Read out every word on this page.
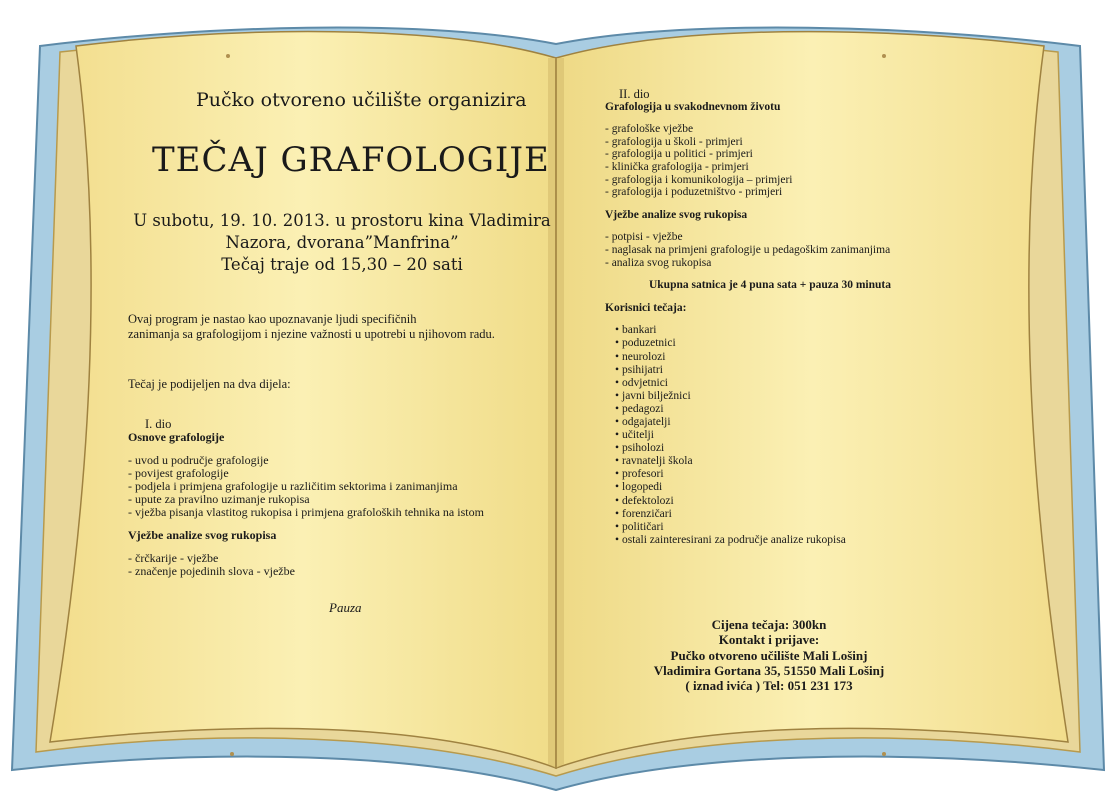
Pučko otvoreno učilište organizira
TEČAJ GRAFOLOGIJE
U subotu, 19. 10. 2013. u prostoru kina Vladimira
Nazora, dvorana”Manfrina”
Tečaj traje od 15,30 – 20 sati
Ovaj program je nastao kao upoznavanje ljudi specifičnih
zanimanja sa grafologijom i njezine važnosti u upotrebi u njihovom radu.
Tečaj je podijeljen na dva dijela:
I. dio
Osnove grafologije
- uvod u područje grafologije
- povijest grafologije
- podjela i primjena grafologije u različitim sektorima i zanimanjima
- upute za pravilno uzimanje rukopisa
- vježba pisanja vlastitog rukopisa i primjena grafoloških tehnika na istom
Vježbe analize svog rukopisa
- črčkarije - vježbe
- značenje pojedinih slova - vježbe
Pauza
II. dio
Grafologija u svakodnevnom životu
- grafološke vježbe
- grafologija u školi - primjeri
- grafologija u politici - primjeri
- klinička grafologija - primjeri
- grafologija i komunikologija – primjeri
- grafologija i poduzetništvo - primjeri
Vježbe analize svog rukopisa
- potpisi - vježbe
- naglasak na primjeni grafologije u pedagoškim zanimanjima
- analiza svog rukopisa
Ukupna satnica je 4 puna sata + pauza 30 minuta
Korisnici tečaja:
• bankari
• poduzetnici
• neurolozi
• psihijatri
• odvjetnici
• javni bilježnici
• pedagozi
• odgajatelji
• učitelji
• psiholozi
• ravnatelji škola
• profesori
• logopedi
• defektolozi
• forenzičari
• političari
• ostali zainteresirani za područje analize rukopisa
Cijena tečaja: 300kn
Kontakt i prijave:
Pučko otvoreno učilište Mali Lošinj
Vladimira Gortana 35, 51550 Mali Lošinj
( iznad ivića ) Tel: 051 231 173
